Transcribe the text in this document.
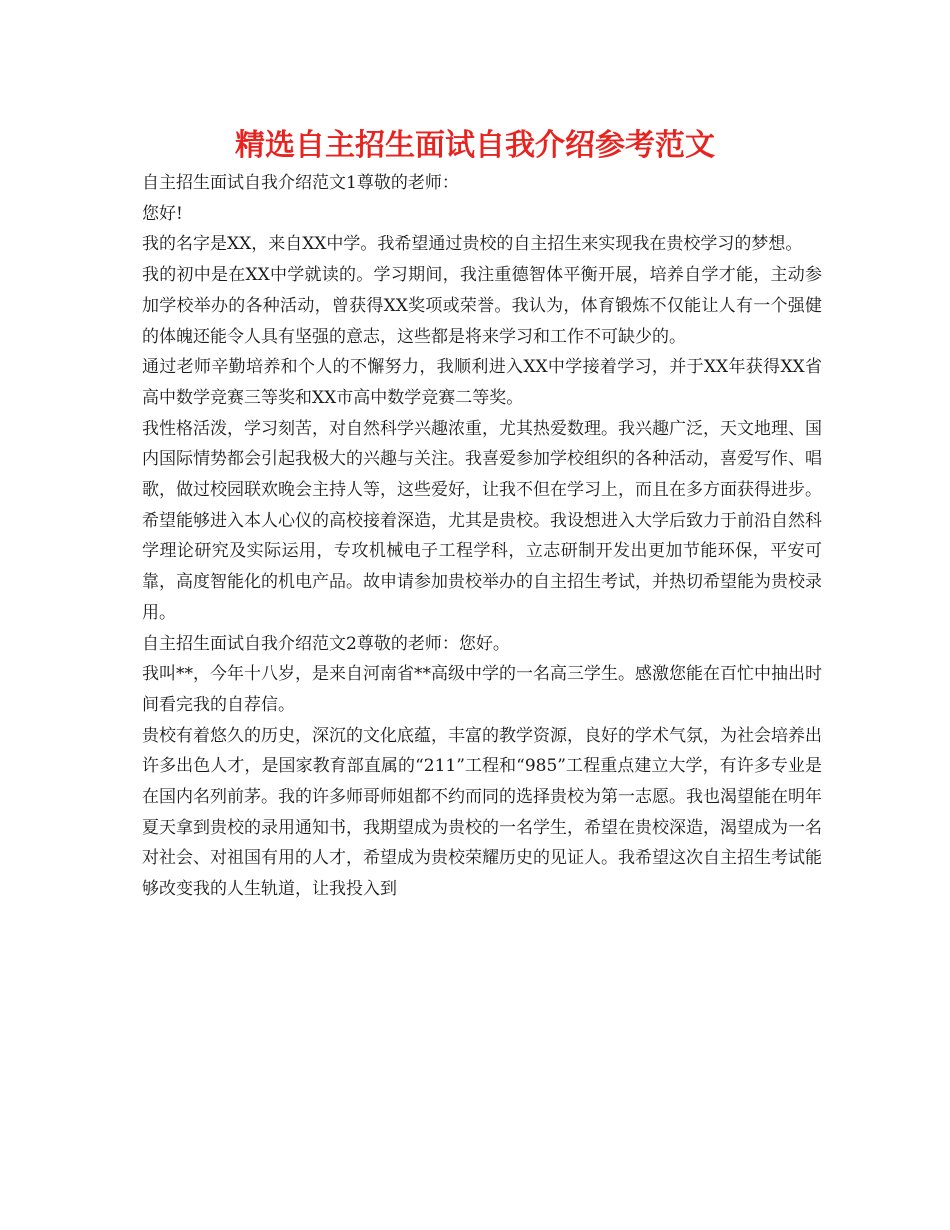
精选自主招生面试自我介绍参考范文

自主招生面试自我介绍范文1尊敬的老师：

您好!

我的名字是XX，来自XX中学。我希望通过贵校的自主招生来实现我在贵校学习的梦想。

我的初中是在XX中学就读的。学习期间，我注重德智体平衡开展，培养自学才能，主动参加学校举办的各种活动，曾获得XX奖项或荣誉。我认为，体育锻炼不仅能让人有一个强健的体魄还能令人具有坚强的意志，这些都是将来学习和工作不可缺少的。

通过老师辛勤培养和个人的不懈努力，我顺利进入XX中学接着学习，并于XX年获得XX省高中数学竞赛三等奖和XX市高中数学竞赛二等奖。

我性格活泼，学习刻苦，对自然科学兴趣浓重，尤其热爱数理。我兴趣广泛，天文地理、国内国际情势都会引起我极大的兴趣与关注。我喜爱参加学校组织的各种活动，喜爱写作、唱歌，做过校园联欢晚会主持人等，这些爱好，让我不但在学习上，而且在多方面获得进步。

希望能够进入本人心仪的高校接着深造，尤其是贵校。我设想进入大学后致力于前沿自然科学理论研究及实际运用，专攻机械电子工程学科，立志研制开发出更加节能环保，平安可靠，高度智能化的机电产品。故申请参加贵校举办的自主招生考试，并热切希望能为贵校录用。

自主招生面试自我介绍范文2尊敬的老师：您好。

我叫**，今年十八岁，是来自河南省**高级中学的一名高三学生。感激您能在百忙中抽出时间看完我的自荐信。

贵校有着悠久的历史，深沉的文化底蕴，丰富的教学资源，良好的学术气氛，为社会培养出许多出色人才，是国家教育部直属的“211”工程和“985”工程重点建立大学，有许多专业是在国内名列前茅。我的许多师哥师姐都不约而同的选择贵校为第一志愿。我也渴望能在明年夏天拿到贵校的录用通知书，我期望成为贵校的一名学生，希望在贵校深造，渴望成为一名对社会、对祖国有用的人才，希望成为贵校荣耀历史的见证人。我希望这次自主招生考试能够改变我的人生轨道，让我投入到
